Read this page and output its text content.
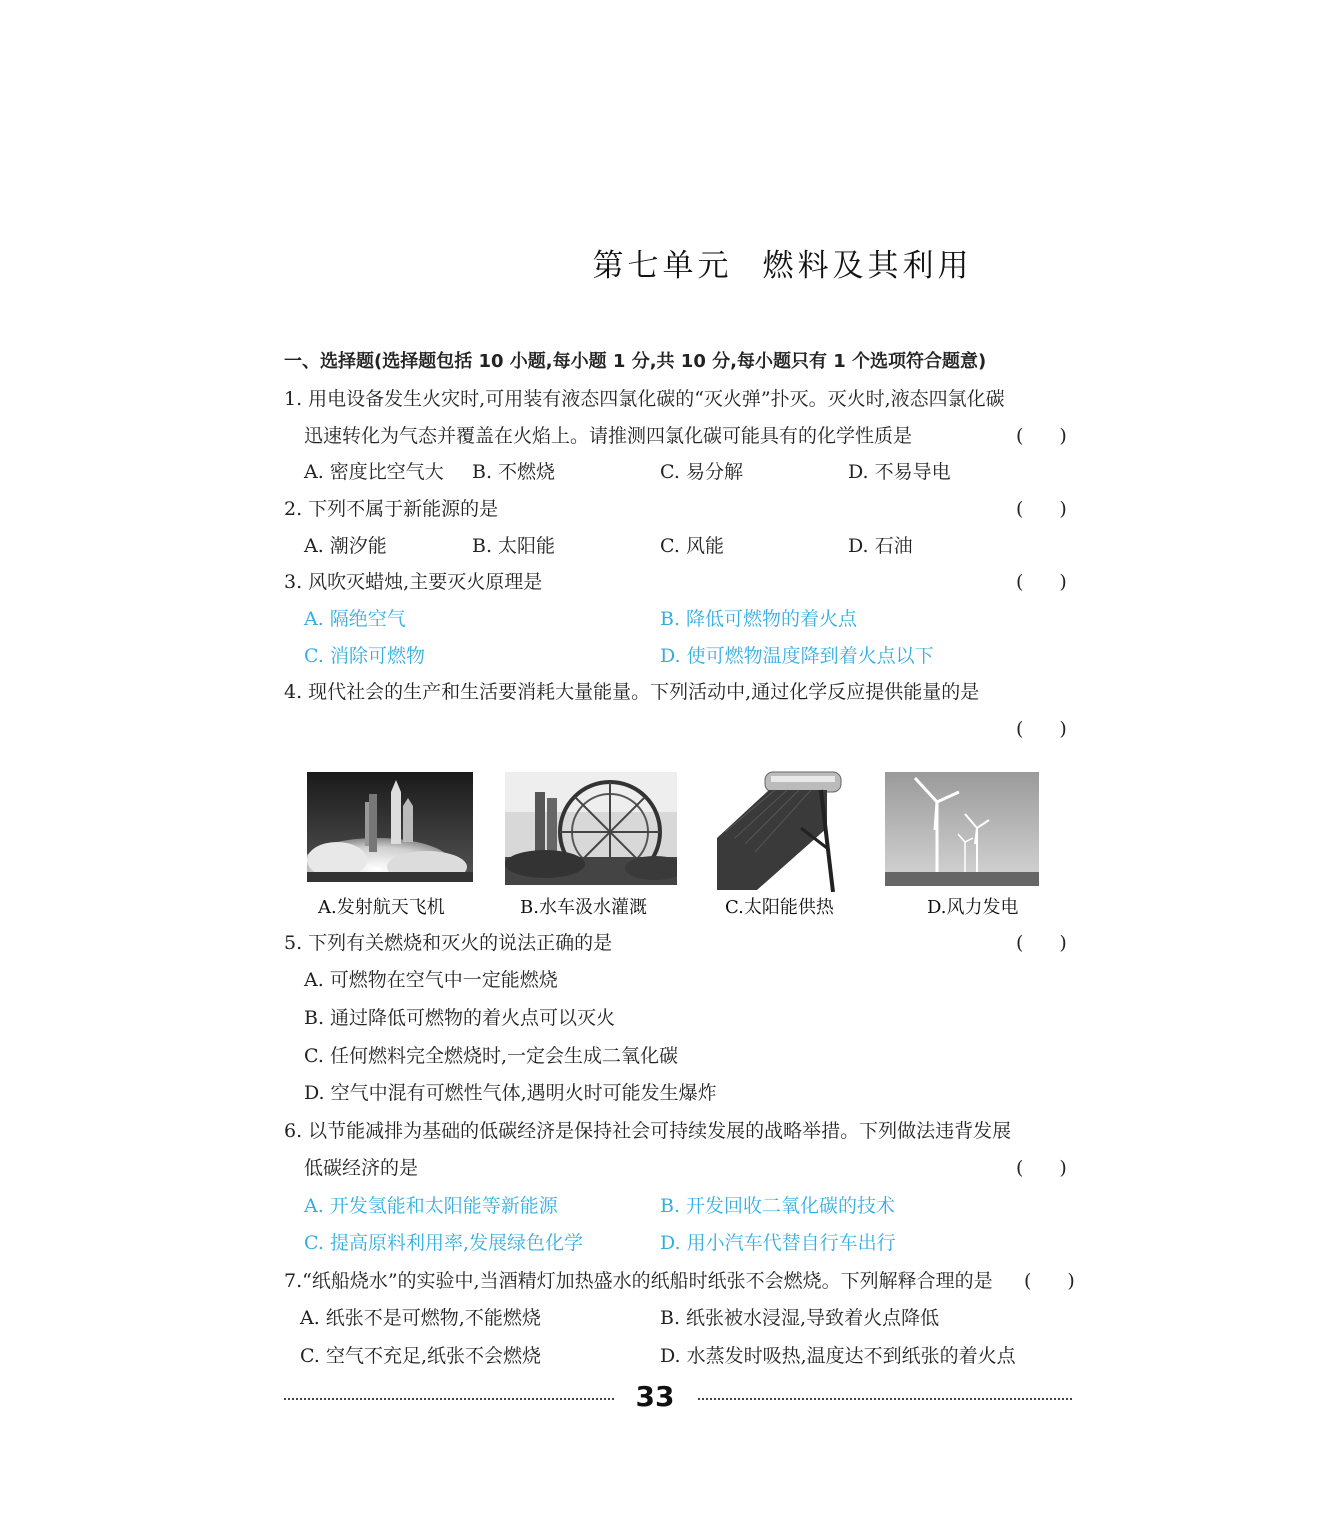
第七单元 燃料及其利用
一、选择题(选择题包括 10 小题,每小题 1 分,共 10 分,每小题只有 1 个选项符合题意)
1. 用电设备发生火灾时,可用装有液态四氯化碳的“灭火弹”扑灭。灭火时,液态四氯化碳
迅速转化为气态并覆盖在火焰上。请推测四氯化碳可能具有的化学性质是	( )
A. 密度比空气大 B. 不燃烧	C. 易分解	D. 不易导电
2. 下列不属于新能源的是	( )
A. 潮汐能	B. 太阳能	C. 风能	D. 石油
3. 风吹灭蜡烛,主要灭火原理是	( )
A. 隔绝空气	B. 降低可燃物的着火点
C. 消除可燃物	D. 使可燃物温度降到着火点以下
4. 现代社会的生产和生活要消耗大量能量。下列活动中,通过化学反应提供能量的是
( )
A.发射航天飞机	B.水车汲水灌溉	C.太阳能供热	D.风力发电
5. 下列有关燃烧和灭火的说法正确的是	( )
A. 可燃物在空气中一定能燃烧
B. 通过降低可燃物的着火点可以灭火
C. 任何燃料完全燃烧时,一定会生成二氧化碳
D. 空气中混有可燃性气体,遇明火时可能发生爆炸
6. 以节能减排为基础的低碳经济是保持社会可持续发展的战略举措。下列做法违背发展
低碳经济的是	( )
A. 开发氢能和太阳能等新能源	B. 开发回收二氧化碳的技术
C. 提高原料利用率,发展绿色化学	D. 用小汽车代替自行车出行
7.“纸船烧水”的实验中,当酒精灯加热盛水的纸船时纸张不会燃烧。下列解释合理的是 ( )
A. 纸张不是可燃物,不能燃烧	B. 纸张被水浸湿,导致着火点降低
C. 空气不充足,纸张不会燃烧	D. 水蒸发时吸热,温度达不到纸张的着火点
33
